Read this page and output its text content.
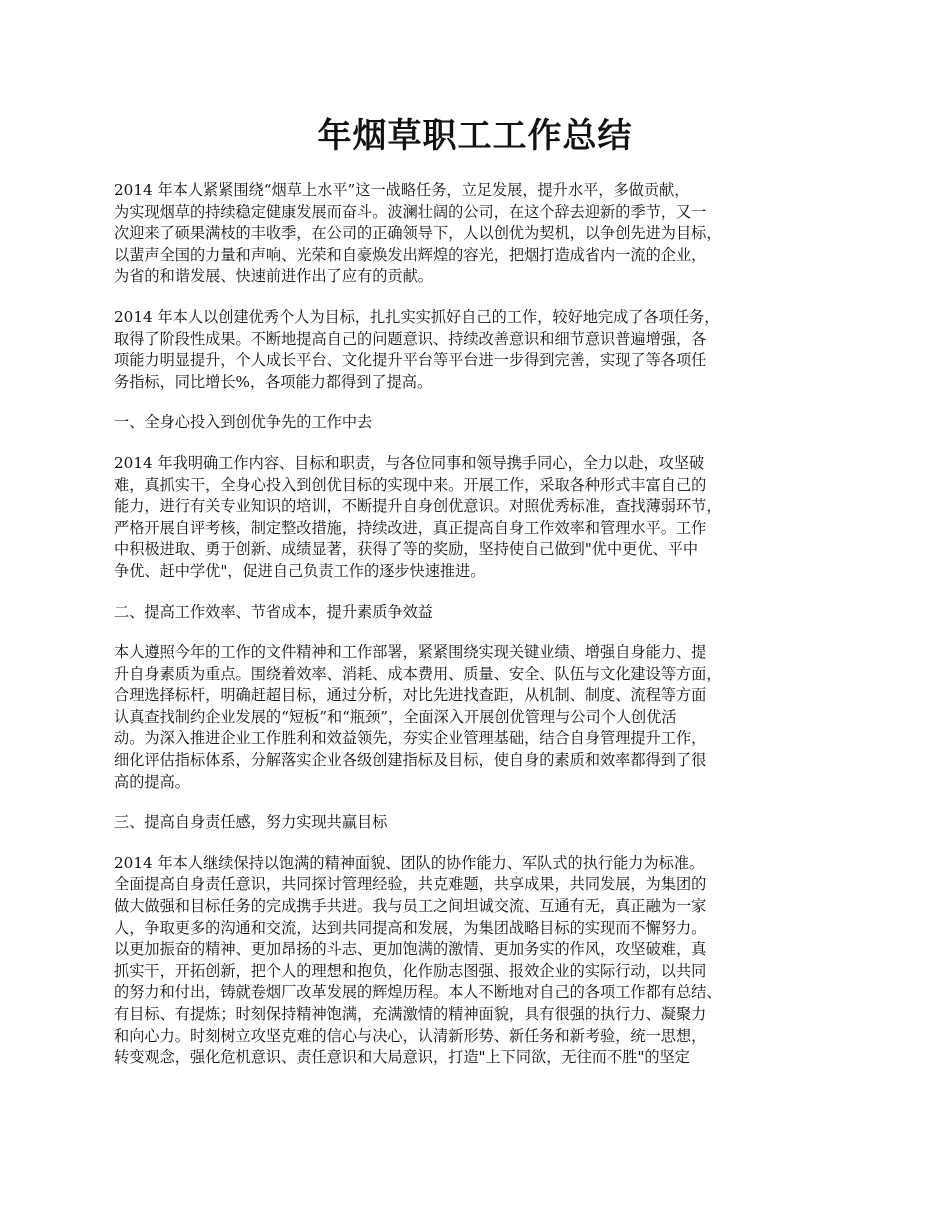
年烟草职工工作总结
2014 年本人紧紧围绕“烟草上水平”这一战略任务，立足发展，提升水平，多做贡献，
为实现烟草的持续稳定健康发展而奋斗。波澜壮阔的公司，在这个辞去迎新的季节，又一
次迎来了硕果满枝的丰收季，在公司的正确领导下，人以创优为契机，以争创先进为目标，
以蜚声全国的力量和声响、光荣和自豪焕发出辉煌的容光，把烟打造成省内一流的企业，
为省的和谐发展、快速前进作出了应有的贡献。
2014 年本人以创建优秀个人为目标，扎扎实实抓好自己的工作，较好地完成了各项任务，
取得了阶段性成果。不断地提高自己的问题意识、持续改善意识和细节意识普遍增强，各
项能力明显提升，个人成长平台、文化提升平台等平台进一步得到完善，实现了等各项任
务指标，同比增长%，各项能力都得到了提高。
一、全身心投入到创优争先的工作中去
2014 年我明确工作内容、目标和职责，与各位同事和领导携手同心，全力以赴，攻坚破
难，真抓实干，全身心投入到创优目标的实现中来。开展工作，采取各种形式丰富自己的
能力，进行有关专业知识的培训，不断提升自身创优意识。对照优秀标准，查找薄弱环节，
严格开展自评考核，制定整改措施，持续改进，真正提高自身工作效率和管理水平。工作
中积极进取、勇于创新、成绩显著，获得了等的奖励，坚持使自己做到"优中更优、平中
争优、赶中学优"，促进自己负责工作的逐步快速推进。
二、提高工作效率、节省成本，提升素质争效益
本人遵照今年的工作的文件精神和工作部署，紧紧围绕实现关键业绩、增强自身能力、提
升自身素质为重点。围绕着效率、消耗、成本费用、质量、安全、队伍与文化建设等方面，
合理选择标杆，明确赶超目标，通过分析，对比先进找查距，从机制、制度、流程等方面
认真查找制约企业发展的“短板”和“瓶颈”，全面深入开展创优管理与公司个人创优活
动。为深入推进企业工作胜利和效益领先，夯实企业管理基础，结合自身管理提升工作，
细化评估指标体系，分解落实企业各级创建指标及目标，使自身的素质和效率都得到了很
高的提高。
三、提高自身责任感，努力实现共赢目标
2014 年本人继续保持以饱满的精神面貌、团队的协作能力、军队式的执行能力为标准。
全面提高自身责任意识，共同探讨管理经验，共克难题，共享成果，共同发展，为集团的
做大做强和目标任务的完成携手共进。我与员工之间坦诚交流、互通有无，真正融为一家
人，争取更多的沟通和交流，达到共同提高和发展，为集团战略目标的实现而不懈努力。
以更加振奋的精神、更加昂扬的斗志、更加饱满的激情、更加务实的作风，攻坚破难，真
抓实干，开拓创新，把个人的理想和抱负，化作励志图强、报效企业的实际行动，以共同
的努力和付出，铸就卷烟厂改革发展的辉煌历程。本人不断地对自己的各项工作都有总结、
有目标、有提炼；时刻保持精神饱满，充满激情的精神面貌，具有很强的执行力、凝聚力
和向心力。时刻树立攻坚克难的信心与决心，认清新形势、新任务和新考验，统一思想，
转变观念，强化危机意识、责任意识和大局意识，打造"上下同欲，无往而不胜"的坚定
